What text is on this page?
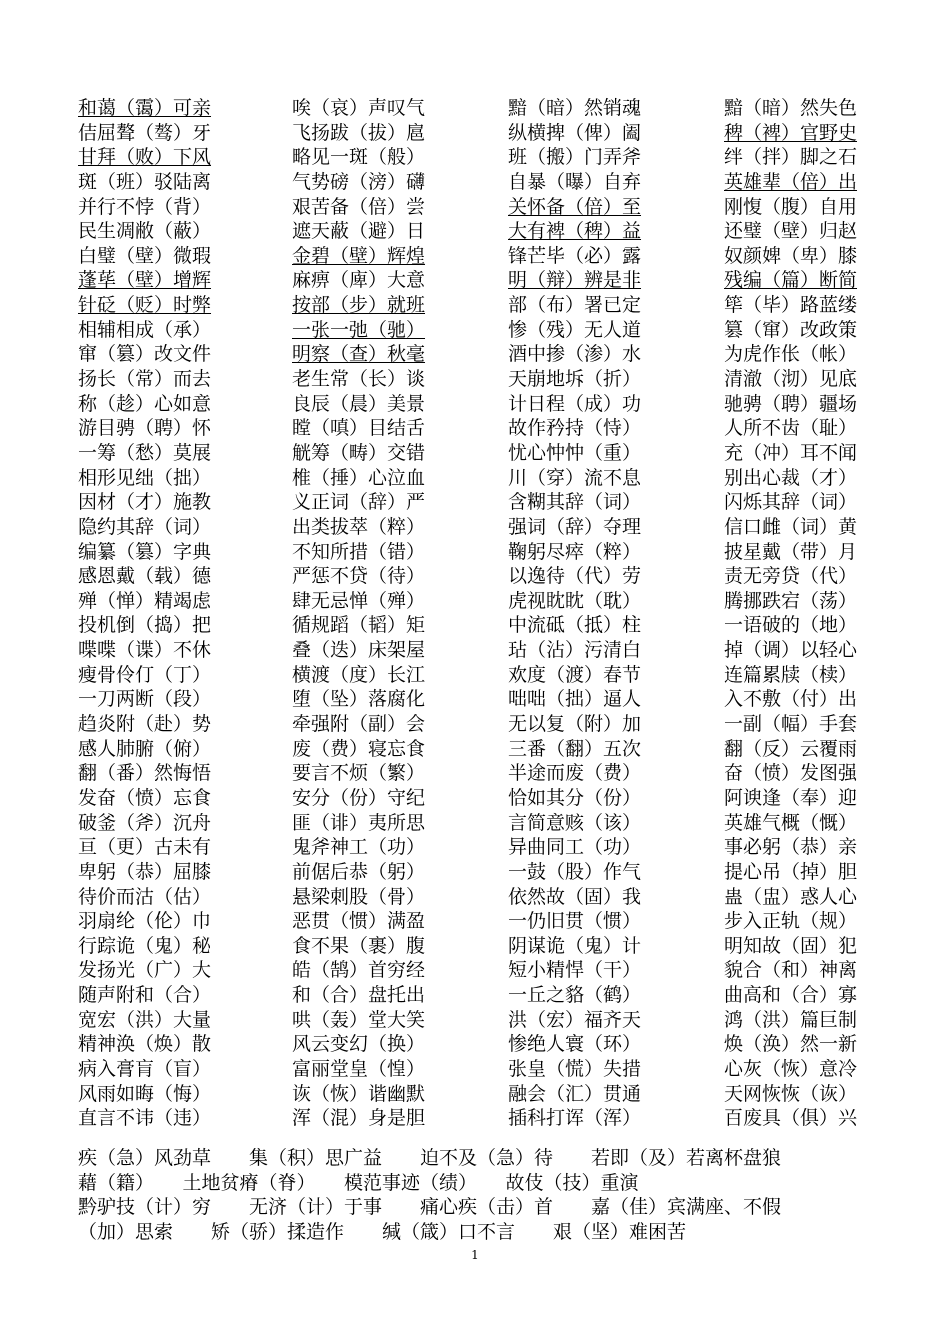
和蔼（霭）可亲	唉（哀）声叹气	黯（暗）然销魂	黯（暗）然失色
佶屈聱（骜）牙	飞扬跋（拔）扈	纵横捭（俾）阖	稗（裨）官野史
甘拜（败）下风	略见一斑（般）	班（搬）门弄斧	绊（拌）脚之石
斑（班）驳陆离	气势磅（滂）礴	自暴（曝）自弃	英雄辈（倍）出
并行不悖（背）	艰苦备（倍）尝	关怀备（倍）至	刚愎（腹）自用
民生凋敝（蔽）	遮天蔽（避）日	大有裨（稗）益	还璧（壁）归赵
白璧（壁）微瑕	金碧（壁）辉煌	锋芒毕（必）露	奴颜婢（卑）膝
蓬荜（壁）增辉	麻痹（庳）大意	明（辩）辨是非	残编（篇）断简
针砭（贬）时弊	按部（步）就班	部（布）署已定	筚（毕）路蓝缕
相辅相成（承）	一张一弛（驰）	惨（残）无人道	篡（窜）改政策
窜（篡）改文件	明察（查）秋毫	酒中掺（渗）水	为虎作伥（帐）
扬长（常）而去	老生常（长）谈	天崩地坼（折）	清澈（沏）见底
称（趁）心如意	良辰（晨）美景	计日程（成）功	驰骋（聘）疆场
游目骋（聘）怀	瞠（嗔）目结舌	故作矜持（恃）	人所不齿（耻）
一筹（愁）莫展	觥筹（畴）交错	忧心忡忡（重）	充（冲）耳不闻
相形见绌（拙）	椎（捶）心泣血	川（穿）流不息	别出心裁（才）
因材（才）施教	义正词（辞）严	含糊其辞（词）	闪烁其辞（词）
隐约其辞（词）	出类拔萃（粹）	强词（辞）夺理	信口雌（词）黄
编纂（篡）字典	不知所措（错）	鞠躬尽瘁（粹）	披星戴（带）月
感恩戴（载）德	严惩不贷（待）	以逸待（代）劳	责无旁贷（代）
殚（惮）精竭虑	肆无忌惮（殚）	虎视眈眈（耽）	腾挪跌宕（荡）
投机倒（捣）把	循规蹈（韬）矩	中流砥（抵）柱	一语破的（地）
喋喋（谍）不休	叠（迭）床架屋	玷（沾）污清白	掉（调）以轻心
瘦骨伶仃（丁）	横渡（度）长江	欢度（渡）春节	连篇累牍（椟）
一刀两断（段）	堕（坠）落腐化	咄咄（拙）逼人	入不敷（付）出
趋炎附（赴）势	牵强附（副）会	无以复（附）加	一副（幅）手套
感人肺腑（俯）	废（费）寝忘食	三番（翻）五次	翻（反）云覆雨
翻（番）然悔悟	要言不烦（繁）	半途而废（费）	奋（愤）发图强
发奋（愤）忘食	安分（份）守纪	恰如其分（份）	阿谀逢（奉）迎
破釜（斧）沉舟	匪（诽）夷所思	言简意赅（该）	英雄气概（慨）
亘（更）古未有	鬼斧神工（功）	异曲同工（功）	事必躬（恭）亲
卑躬（恭）屈膝	前倨后恭（躬）	一鼓（股）作气	提心吊（掉）胆
待价而沽（估）	悬梁刺股（骨）	依然故（固）我	蛊（盅）惑人心
羽扇纶（伦）巾	恶贯（惯）满盈	一仍旧贯（惯）	步入正轨（规）
行踪诡（鬼）秘	食不果（裹）腹	阴谋诡（鬼）计	明知故（固）犯
发扬光（广）大	皓（鹄）首穷经	短小精悍（干）	貌合（和）神离
随声附和（合）	和（合）盘托出	一丘之貉（鹤）	曲高和（合）寡
宽宏（洪）大量	哄（轰）堂大笑	洪（宏）福齐天	鸿（洪）篇巨制
精神涣（焕）散	风云变幻（换）	惨绝人寰（环）	焕（涣）然一新
病入膏肓（盲）	富丽堂皇（惶）	张皇（慌）失措	心灰（恢）意冷
风雨如晦（悔）	诙（恢）谐幽默	融会（汇）贯通	天网恢恢（诙）
直言不讳（违）	浑（混）身是胆	插科打诨（浑）	百废具（俱）兴
疾（急）风劲草　　集（积）思广益　　迫不及（急）待　　若即（及）若离杯盘狼
藉（籍）　　土地贫瘠（脊）　　模范事迹（绩）　　故伎（技）重演
黔驴技（计）穷　　无济（计）于事　　痛心疾（击）首　　嘉（佳）宾满座、不假
（加）思索　　矫（骄）揉造作　　缄（箴）口不言　　艰（坚）难困苦
1
